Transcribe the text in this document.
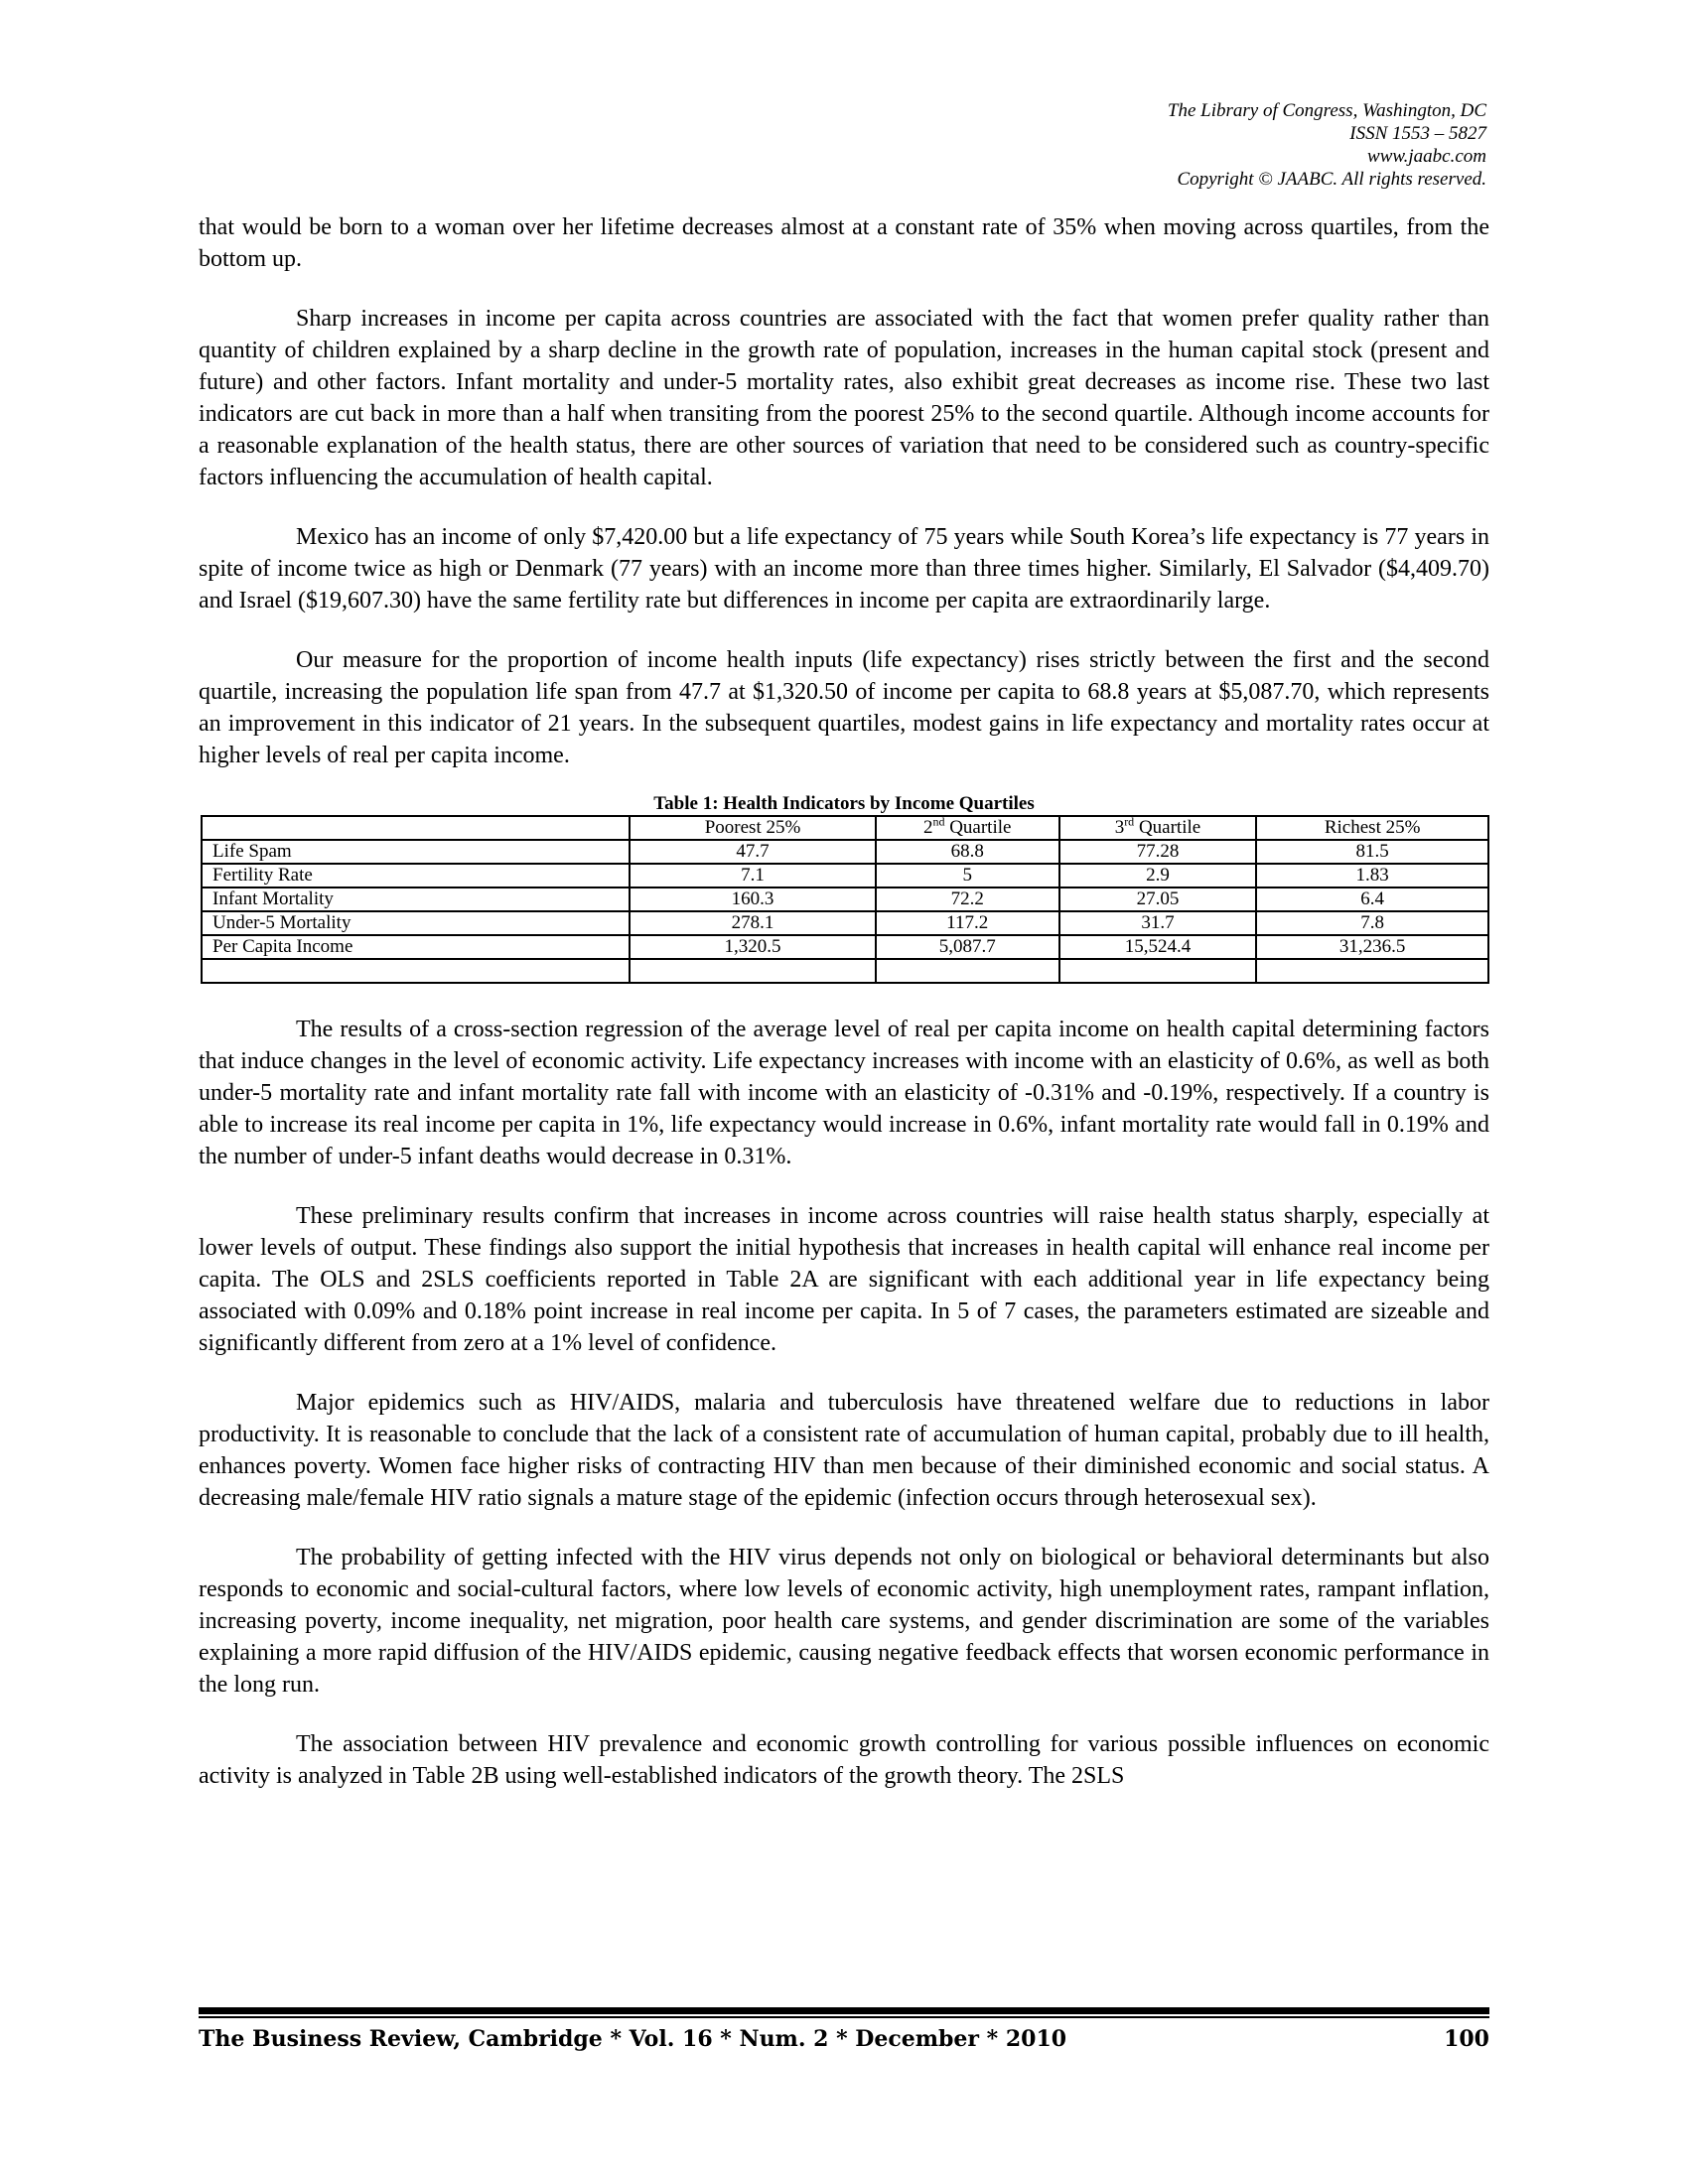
The Library of Congress, Washington, DC
ISSN 1553 – 5827
www.jaabc.com
Copyright © JAABC. All rights reserved.

that would be born to a woman over her lifetime decreases almost at a constant rate of 35% when moving across quartiles, from the bottom up.

Sharp increases in income per capita across countries are associated with the fact that women prefer quality rather than quantity of children explained by a sharp decline in the growth rate of population, increases in the human capital stock (present and future) and other factors. Infant mortality and under-5 mortality rates, also exhibit great decreases as income rise. These two last indicators are cut back in more than a half when transiting from the poorest 25% to the second quartile. Although income accounts for a reasonable explanation of the health status, there are other sources of variation that need to be considered such as country-specific factors influencing the accumulation of health capital.

Mexico has an income of only $7,420.00 but a life expectancy of 75 years while South Korea’s life expectancy is 77 years in spite of income twice as high or Denmark (77 years) with an income more than three times higher. Similarly, El Salvador ($4,409.70) and Israel ($19,607.30) have the same fertility rate but differences in income per capita are extraordinarily large.

Our measure for the proportion of income health inputs (life expectancy) rises strictly between the first and the second quartile, increasing the population life span from 47.7 at $1,320.50 of income per capita to 68.8 years at $5,087.70, which represents an improvement in this indicator of 21 years. In the subsequent quartiles, modest gains in life expectancy and mortality rates occur at higher levels of real per capita income.

Table 1: Health Indicators by Income Quartiles
	Poorest 25%	2nd Quartile	3rd Quartile	Richest 25%
Life Spam	47.7	68.8	77.28	81.5
Fertility Rate	7.1	5	2.9	1.83
Infant Mortality	160.3	72.2	27.05	6.4
Under-5 Mortality	278.1	117.2	31.7	7.8
Per Capita Income	1,320.5	5,087.7	15,524.4	31,236.5

The results of a cross-section regression of the average level of real per capita income on health capital determining factors that induce changes in the level of economic activity. Life expectancy increases with income with an elasticity of 0.6%, as well as both under-5 mortality rate and infant mortality rate fall with income with an elasticity of -0.31% and -0.19%, respectively. If a country is able to increase its real income per capita in 1%, life expectancy would increase in 0.6%, infant mortality rate would fall in 0.19% and the number of under-5 infant deaths would decrease in 0.31%.

These preliminary results confirm that increases in income across countries will raise health status sharply, especially at lower levels of output. These findings also support the initial hypothesis that increases in health capital will enhance real income per capita. The OLS and 2SLS coefficients reported in Table 2A are significant with each additional year in life expectancy being associated with 0.09% and 0.18% point increase in real income per capita. In 5 of 7 cases, the parameters estimated are sizeable and significantly different from zero at a 1% level of confidence.

Major epidemics such as HIV/AIDS, malaria and tuberculosis have threatened welfare due to reductions in labor productivity. It is reasonable to conclude that the lack of a consistent rate of accumulation of human capital, probably due to ill health, enhances poverty. Women face higher risks of contracting HIV than men because of their diminished economic and social status. A decreasing male/female HIV ratio signals a mature stage of the epidemic (infection occurs through heterosexual sex).

The probability of getting infected with the HIV virus depends not only on biological or behavioral determinants but also responds to economic and social-cultural factors, where low levels of economic activity, high unemployment rates, rampant inflation, increasing poverty, income inequality, net migration, poor health care systems, and gender discrimination are some of the variables explaining a more rapid diffusion of the HIV/AIDS epidemic, causing negative feedback effects that worsen economic performance in the long run.

The association between HIV prevalence and economic growth controlling for various possible influences on economic activity is analyzed in Table 2B using well-established indicators of the growth theory. The 2SLS

The Business Review, Cambridge * Vol. 16 * Num. 2 * December * 2010	100
